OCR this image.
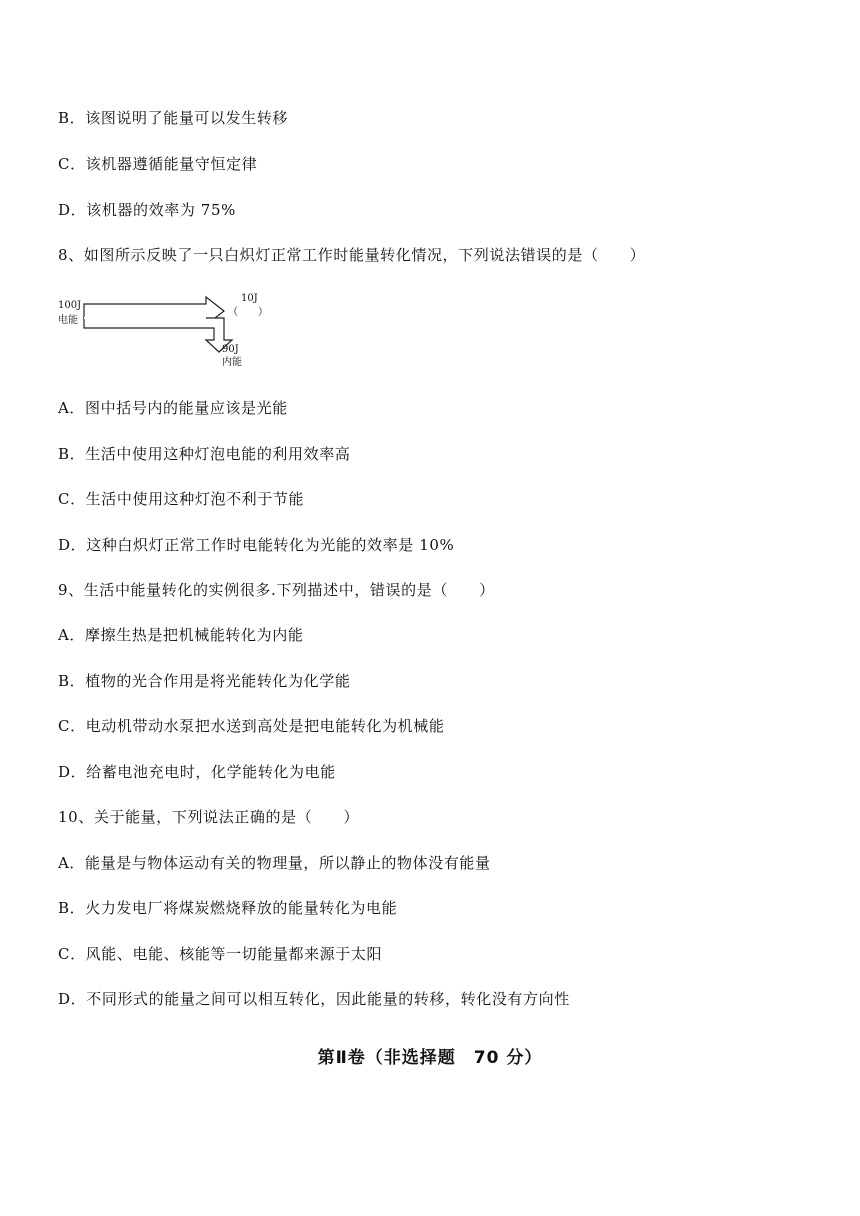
B．该图说明了能量可以发生转移
C．该机器遵循能量守恒定律
D．该机器的效率为 75%
8、如图所示反映了一只白炽灯正常工作时能量转化情况，下列说法错误的是（　　）
100J
电能
10J
（　　）
90J
内能
A．图中括号内的能量应该是光能
B．生活中使用这种灯泡电能的利用效率高
C．生活中使用这种灯泡不利于节能
D．这种白炽灯正常工作时电能转化为光能的效率是 10%
9、生活中能量转化的实例很多.下列描述中，错误的是（　　）
A．摩擦生热是把机械能转化为内能
B．植物的光合作用是将光能转化为化学能
C．电动机带动水泵把水送到高处是把电能转化为机械能
D．给蓄电池充电时，化学能转化为电能
10、关于能量，下列说法正确的是（　　）
A．能量是与物体运动有关的物理量，所以静止的物体没有能量
B．火力发电厂将煤炭燃烧释放的能量转化为电能
C．风能、电能、核能等一切能量都来源于太阳
D．不同形式的能量之间可以相互转化，因此能量的转移，转化没有方向性
第Ⅱ卷（非选择题　70 分）
